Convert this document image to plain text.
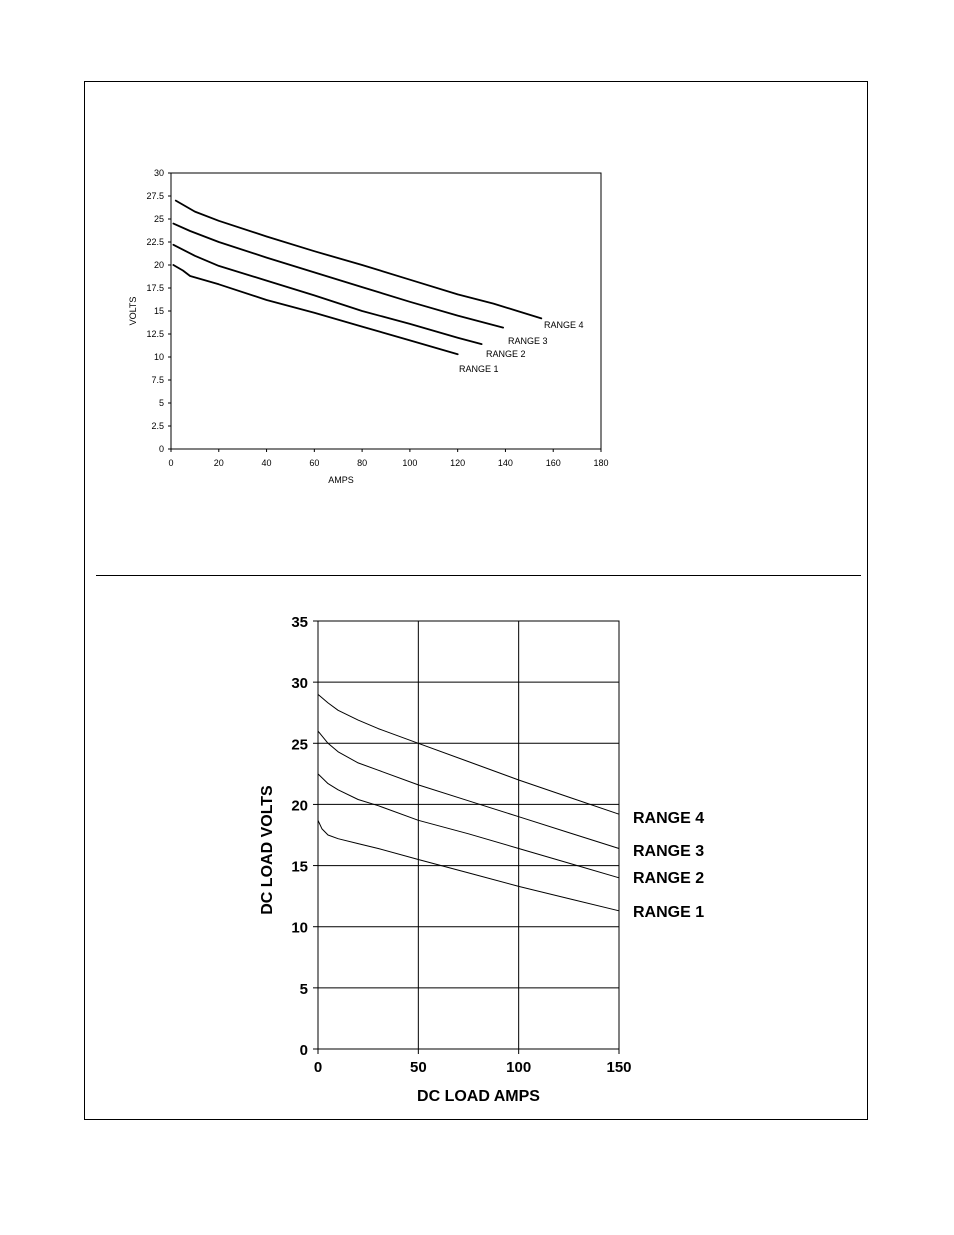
0	20	40	60	80	100	120	140	160	180
0
2.5
5
7.5
10
12.5
15
17.5
20
22.5
25
27.5
30
AMPS
VOLTS
RANGE 1
RANGE 2
RANGE 3
RANGE 4
0	50	100	150
0
5
10
15
20
25
30
35
DC LOAD AMPS
DC LOAD VOLTS	RANGE 1
RANGE 2
RANGE 3
RANGE 4
